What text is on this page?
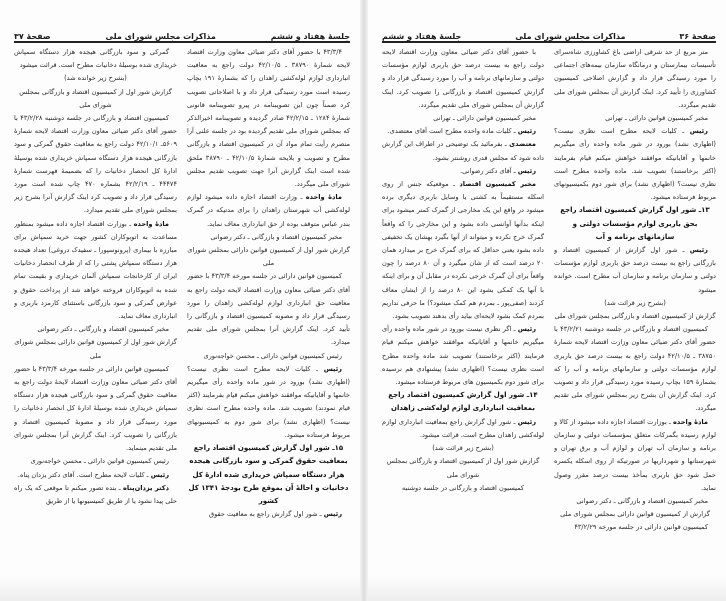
جلسهٔ هفتاد و ششم
مذاکرات مجلس شورای ملی
صفحهٔ ۳۷

گمرکی و سود بازرگانی هیجده هزار دستگاه سمپاش خریداری شده بوسیلهٔ دخانیات مطرح است. قرائت میشود

(بشرح زیر خوانده شد)

گزارش شور اول از کمیسیون اقتصاد و بازرگانی بمجلس شورای ملی

کمیسیون اقتصاد و بازرگانی در جلسه دوشنبه ۴۳/۲/۲۸ با حضور آقای دکتر ضیائی معاون وزارت اقتصاد لایحه شمارهٔ ۵۶۰۹ـ ۴۲/۱۰/۱ دولت راجع به معافیت حقوق گمرکی و سود بازرگانی هیجده هزار دستگاه سمپاش خریداری شده بوسیلهٔ ادارهٔ کل انحصار دخانیات را که بضمیمهٔ فهرست شمارهٔ ۴۴۴۷۴ ـ ۴۲/۲/۱۹ بشماره ۴۷۰ چاپ شده است مورد رسیدگی قرار داد و تصویب کرد اینک گزارش آنرا بشرح زیر بمجلس شورای ملی تقدیم میدارد.

مادهٔ واحده ـ بوزارت اقتصاد اجازه داده میشود بمنظور مساعدت به اتوبوکاران کشور جهت خرید سمپاش برای مبارزه با بیماری (پرونوسپورا ـ سفیدک دروغی) تعداد هیجده هزار دستگاه سمپاش پشتی را که از طرف انحصار دخانیات ایران از کارخانجات سمپاش آلمان خریداری و بقیمت تمام شده به اتوبوکاران فروخته خواهد شد از پرداخت حقوق و عوارض گمرکی و سود بازرگانی باستثنای کارمزد باربری و انبارداری معاف نماید.

مخبر کمیسیون اقتصاد و بازرگانی ـ دکتر رضوانی

گزارش شور اول از کمیسیون قوانین دارائی بمجلس شورای ملی

کمیسیون قوانین دارائی در جلسه مورخه ۴۳/۳/۴ با حضور آقای دکتر ضیائی معاون وزارت اقتصاد لایحهٔ دولت راجع به معافیت حقوق گمرکی و سود بازرگانی هیجده هزار دستگاه سمپاش خریداری شده بوسیلهٔ ادارهٔ کل انحصار دخانیات را مورد رسیدگی قرار داد و مصوبهٔ کمیسیون اقتصاد و بازرگانی را تصویب کرد. اینک گزارش آنرا بمجلس شورای ملی تقدیم مینماید.

رئیس کمیسیون قوانین دارائی ـ محسن خواجه‌نوری

رئیس ـ کلیات لایحه مطرح است. آقای دکتر یزدان پناه.

دکتر یزدان‌پناه ـ بنده تصور میکنم تا موقعی که یک راه حلی پیدا نشود یا از طریق کمیسیونها یا از طریق

۴۳/۳/۴ با حضور آقای دکتر ضیائی معاون وزارت اقتصاد لایحه شمارهٔ ۳۸۷۹۰ ـ ۴۲/۱۰/۵ دولت راجع به معافیت انبارداری لوازم لوله‌کشی زاهدان را که بشمارهٔ ۱۹۱ بچاپ رسیده است مورد رسیدگی قرار داد و با اصلاحاتی تصویب کرد ضمناً چون این تصویبنامه در پیرو تصویبنامه قانونی شمارهٔ ۱۲۸۴ ـ ۴۲/۲/۱۵ صادر گردیده و تصویبنامه اخیرالذکر که بمجلس شورای ملی تقدیم گردیده بود در جلسه علنی آرا منصرم رأیت تمام مواد آن در کمیسیون اقتصاد و بازرگانی مطرح و تصویب و بلایحه شمارهٔ ۴۲/۱۰/۵ ـ ۳۸۷۹۰ ملحق شده است اینک گزارش آنرا جهت تصویب تقدیم مجلس شورای ملی میگردد.

مادهٔ واحده ـ وزارت اقتصاد اجازه داده میشود لوازم لوله‌کشی آب شهرستان زاهدان را برای مدتیکه در گمرک بندر عباس متوقف بوده از حق انبارداری معاف نماید.

مخبر کمیسیون اقتصاد و بازرگانی ـ دکتر رضوانی

گزارش شور اول از کمیسیون قوانین دارائی بمجلس شورای ملی

کمیسیون قوانین دارائی در جلسه مورخه ۴۳/۳/۴ با حضور آقای دکتر ضیائی معاون وزارت اقتصاد لایحه دولت راجع به معافیت حق انبارداری لوازم لوله‌کشی زاهدان را مورد رسیدگی قرار داد و مصوبه کمیسیون اقتصاد و بازرگانی را تأیید کرد. اینک گزارش آنرا بمجلس شورای ملی تقدیم میدارد.

رئیس کمیسیون قوانین دارائی ـ محسن خواجه‌نوری

رئیس ـ کلیات لایحه مطرح است نظری نیست؟ (اظهاری نشد) بورود در شور ماده واحده رأی میگیریم خانمها و آقایانیکه موافقند خواهش میکنم قیام بفرمایند (اکثر قیام نمودند) تصویب شد. ماده واحده مطرح است نظری نیست؟ (اظهاری نشد) برای شور دوم به کمیسیونهای مربوط فرستاده میشود.

۱۵ـ شور اول گزارش کمیسیون اقتصاد راجع بمعافیت حقوق گمرکی و سود بازرگانی هیجده هزار دستگاه سمپاش خریداری شده ادارهٔ کل دخانیات و احالهٔ آن بموقع طرح بودجهٔ ۱۳۴۱ کل کشور

رئیس ـ شور اول گزارش راجع به معافیت حقوق

صفحهٔ ۳۶
مذاکرات مجلس شورای ملی
جلسهٔ هفتاد و ششم

با حضور آقای دکتر ضیائی معاون وزارت اقتصاد لایحه دولت راجع به بیست درصد حق باربری لوازم مؤسسات دولتی و سازمانهای برنامه و آب را مورد رسیدگی قرار داد و گزارش کمیسیون اقتصاد و بازرگانی را تصویب کرد. اینک گزارش آن بمجلس شورای ملی تقدیم میگردد.

مخبر کمیسیون قوانین دارائی ـ تهرانی

رئیس ـ کلیات ماده واحده مطرح است آقای معتضدی.

معتضدی ـ بفرمائید یک توضیحی در اطراف این گزارش داده شود که مجلس قدری روشنتر بشود.

رئیس ـ آقای دکتر رضوانی.

مخبر کمیسیون اقتصاد ـ موقعیکه جنس از روی اسکله مستقیماً به کشتی یا وسایل باربری دیگری برده میشود در واقع این یک مخارجی از گمرک کمتر میشود برای اینکه بدآنها آوانسی داده بشود و این مخارجی را که واقعاً گمرک خرج نکرده و میتواند از آنها بگیرد بهشان یک تخفیفی داده بشود یعنی حداقل که برای گمرک خرج بر میدارد همان ۲۰ درصد است که از شان میگیرد و آن ۸۰ درصد را چون واقعاً برای آن گمرک خرجی نکرده در مقابل آن و برای اینکه با آنها یک کمکی بشود این ۸۰ درصد را از ایشان معاف کردند (صفی‌پور ـ بمردم هم کمک میشود؟) ما حرفی نداریم بمردم کمک بشود لایحه‌ای بیاید رأی بدهند تصویب بشود.

رئیس ـ اگر نظری نیست بورود در شور ماده واحده رأی میگیریم خانمها و آقایانیکه موافقند خواهش میکنم قیام فرمایند (اکثر برخاستند) تصویب شد ماده واحده مطرح است نظری نیست؟ (اظهاری نشد) پیشنهادی هم نرسیده برای شور دوم بکمیسیون های مربوط فرستاده میشود.

۱۴ـ شور اول گزارش کمیسیون اقتصاد راجع بمعافیت انبارداری لوازم لوله‌کشی زاهدان

رئیس ـ شور اول گزارش راجع بمعافیت انبارداری لوازم لوله‌کشی زاهدان مطرح است. قرائت میشود.

(بشرح زیر قرائت شد)

گزارش شور اول از کمیسیون اقتصاد و بازرگانی بمجلس شورای ملی

کمیسیون اقتصاد و بازرگانی در جلسه دوشنبه

متر مربع از حد شرقی اراضی باغ کشاورزی شاه‌سرای تأسیسات بیمارستان و درمانگاه سازمان بیمه‌های اجتماعی را مورد رسیدگی قرار داد و گزارش اصلاحی کمیسیون کشاورزی را تأیید کرد. اینک گزارش آن بمجلس شورای ملی تقدیم میگردد.

مخبر کمیسیون قوانین دارائی ـ تهرانی

رئیس ـ کلیات لایحه مطرح است نظری نیست؟ (اظهاری نشد) بورود در شور ماده واحده رأی میگیریم خانمها و آقایانیکه موافقند خواهش میکنم قیام بفرمایند (اکثر برخاستند) تصویب شد. ماده واحده مطرح است نظری نیست؟ (اظهاری نشد) برای شور دوم بکمیسیونهای مربوط فرستاده میشود.

۱۳ـ شور اول گزارش کمیسیون اقتصاد راجع بحق باربری لوازم مؤسسات دولتی و سازمانهای برنامه و آب

رئیس ـ شور اول گزارش از کمیسیون اقتصاد و بازرگانی راجع به بیست درصد حق باربری لوازم مؤسسات دولتی و سازمان برنامه و سازمان آب مطرح است. خوانده میشود

(بشرح زیر قرائت شد)

گزارش از کمیسیون اقتصاد و بازرگانی بمجلس شورای ملی

کمیسیون اقتصاد و بازرگانی در جلسه دوشنبه ۴۳/۲/۲۱ با حضور آقای دکتر ضیائی معاون وزارت اقتصاد لایحه شمارهٔ ۳۸۷۵۰ ـ ۴۲/۱۰/۵ دولت راجع به بیست درصد حق باربری لوازم مؤسسات دولتی و سازمانهای برنامه و آب را که بشمارهٔ ۱۵۹ بچاپ رسیده مورد رسیدگی قرار داد و تصویب کرد. اینک گزارش آن بشرح زیر بمجلس شورای ملی تقدیم میگردد.

مادهٔ واحده ـ بوزارت اقتصاد اجازه داده میشود از کالا و لوازم رسیده بگمرکات متعلق بمؤسسات دولتی و سازمان برنامه و سازمان آب تهران و لوازم آب و برق تهران و شهرستانها و شهرداریها در صورتیکه از روی اسکله یکسره حمل شود حق باربری بمأخذ بیست درصد مقرر وصول نماید.

مخبر کمیسیون اقتصاد و بازرگانی ـ دکتر رضوانی

گزارش از کمیسیون قوانین دارائی بمجلس شورای ملی

کمیسیون قوانین دارائی در جلسه مورخه ۴۳/۲/۲۹
